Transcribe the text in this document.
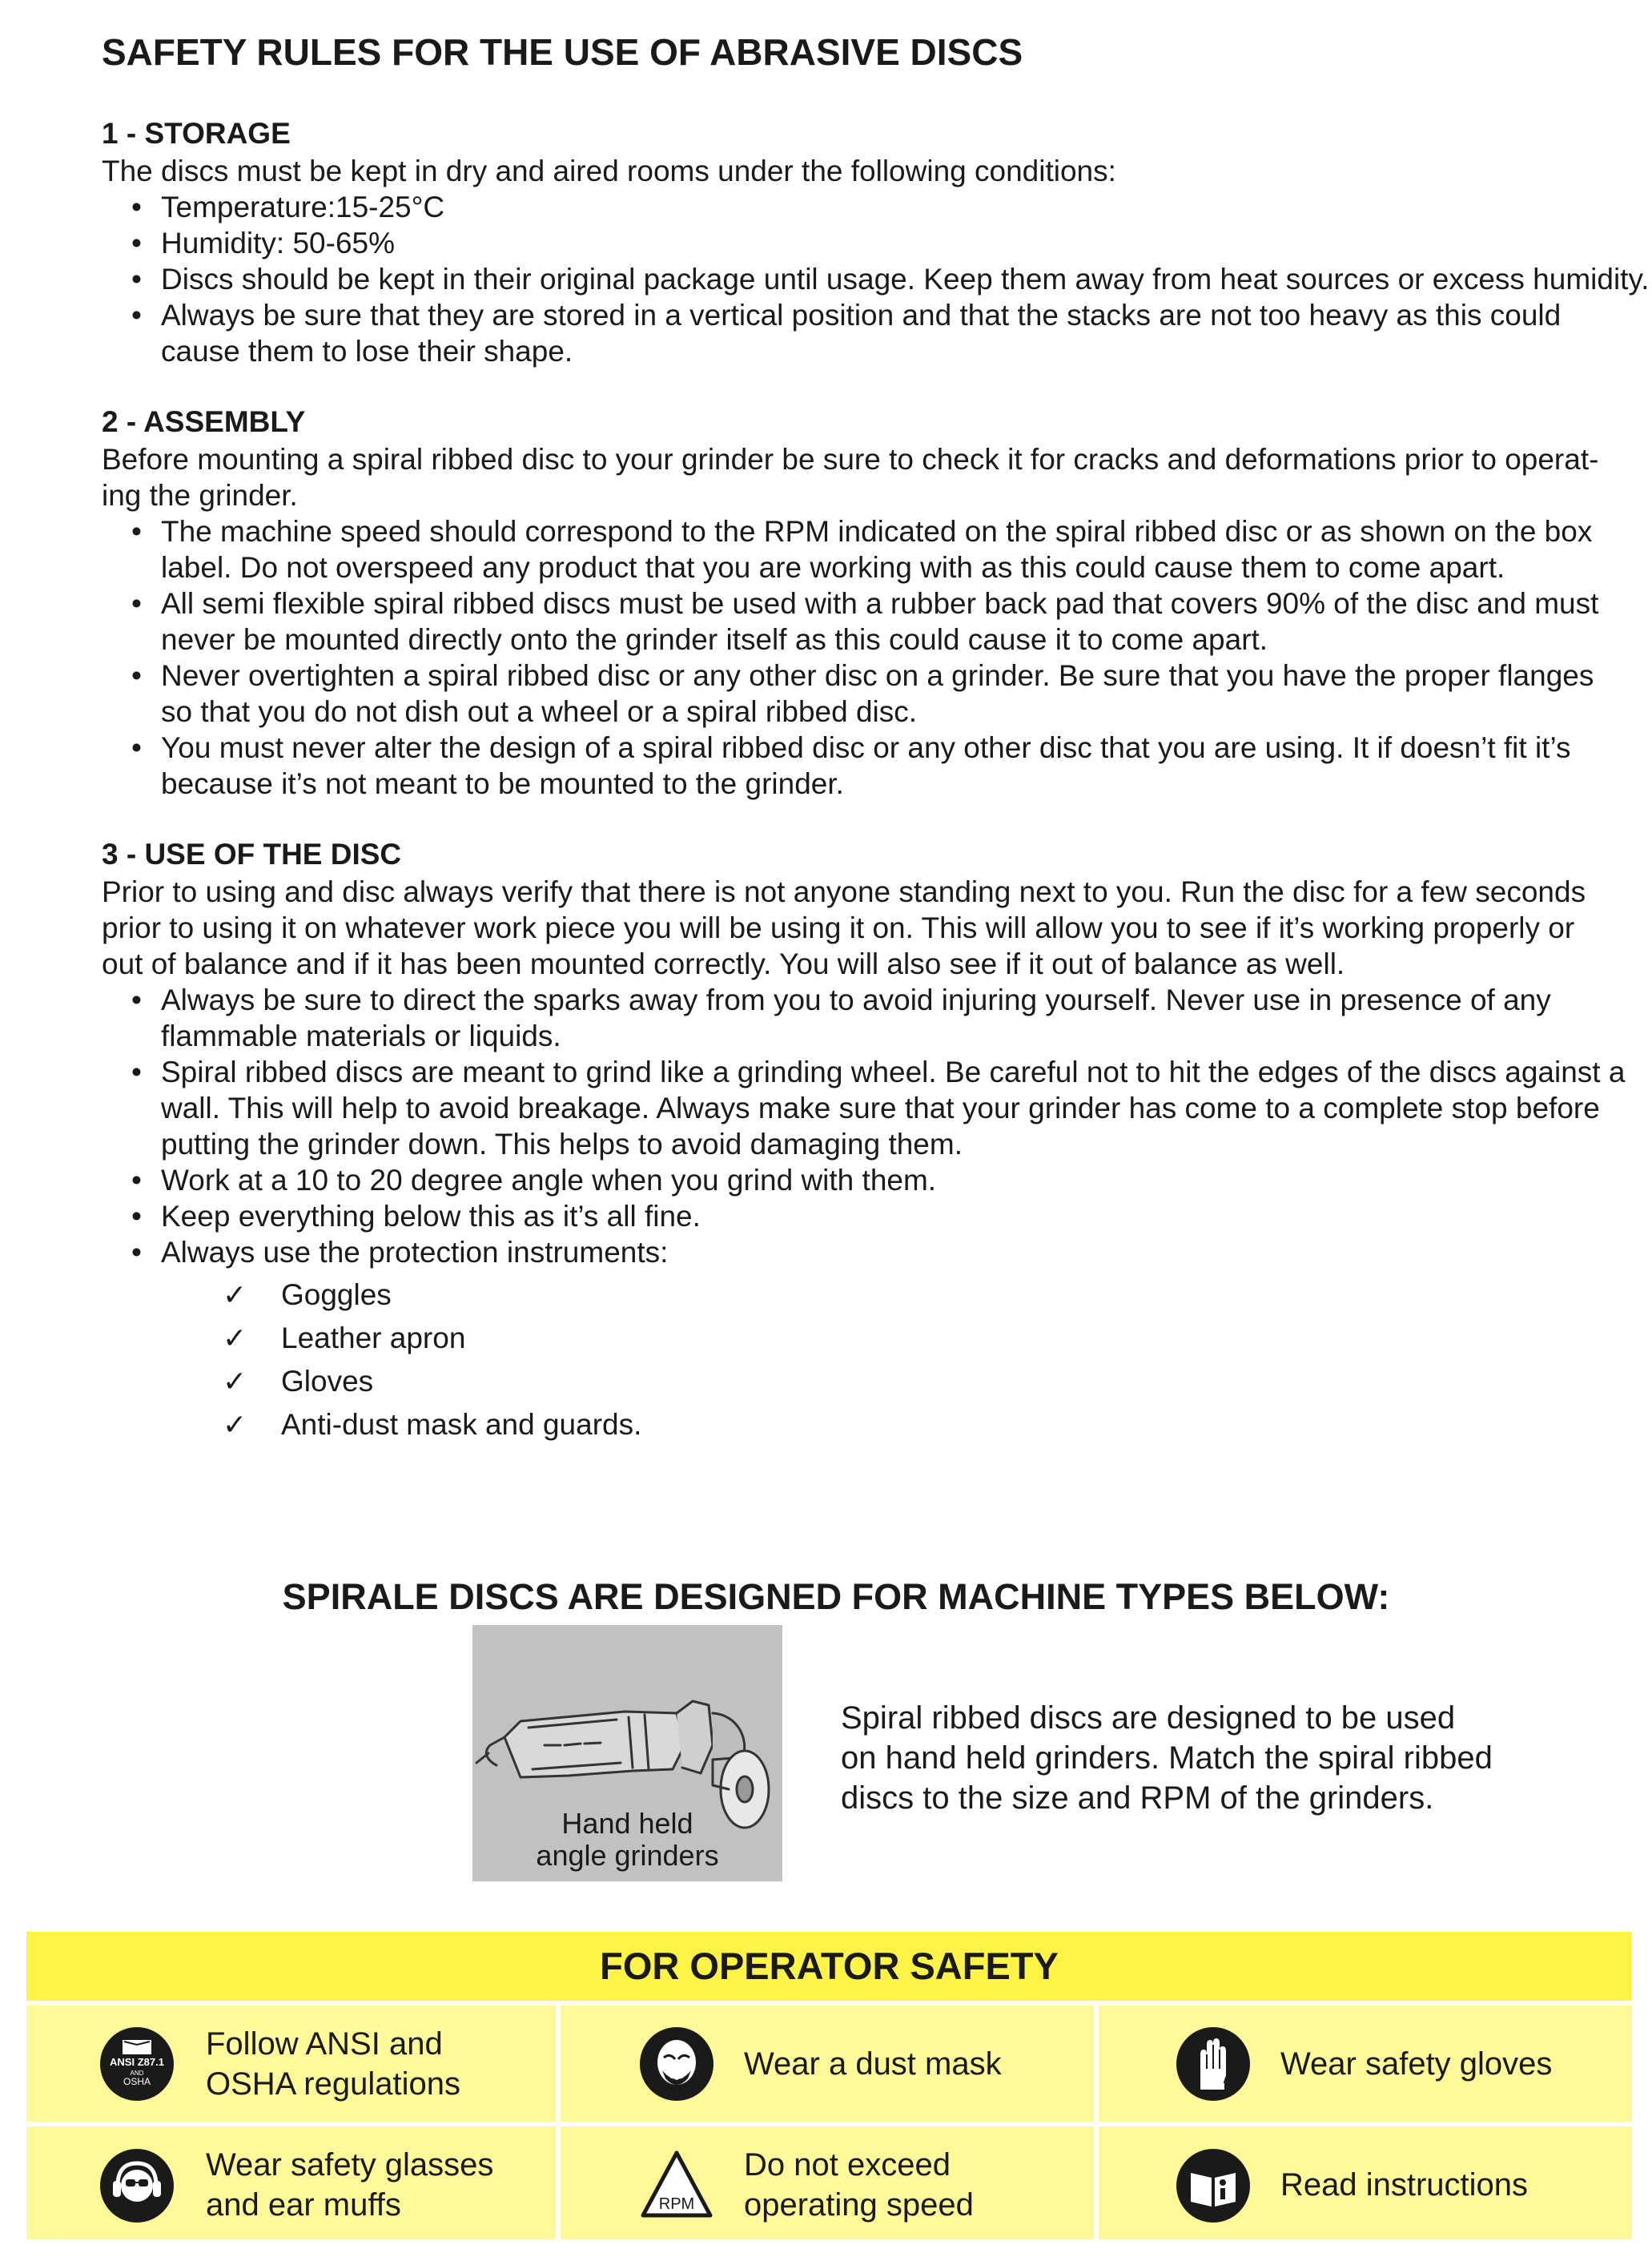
SAFETY RULES FOR THE USE OF ABRASIVE DISCS
1 - STORAGE
The discs must be kept in dry and aired rooms under the following conditions:
• Temperature:15-25°C
• Humidity: 50-65%
• Discs should be kept in their original package until usage. Keep them away from heat sources or excess humidity.
• Always be sure that they are stored in a vertical position and that the stacks are not too heavy as this could cause them to lose their shape.
2 - ASSEMBLY
Before mounting a spiral ribbed disc to your grinder be sure to check it for cracks and deformations prior to operat-ing the grinder.
• The machine speed should correspond to the RPM indicated on the spiral ribbed disc or as shown on the box label. Do not overspeed any product that you are working with as this could cause them to come apart.
• All semi flexible spiral ribbed discs must be used with a rubber back pad that covers 90% of the disc and must never be mounted directly onto the grinder itself as this could cause it to come apart.
• Never overtighten a spiral ribbed disc or any other disc on a grinder. Be sure that you have the proper flanges so that you do not dish out a wheel or a spiral ribbed disc.
• You must never alter the design of a spiral ribbed disc or any other disc that you are using. It if doesn’t fit it’s because it’s not meant to be mounted to the grinder.
3 - USE OF THE DISC
Prior to using and disc always verify that there is not anyone standing next to you. Run the disc for a few seconds prior to using it on whatever work piece you will be using it on. This will allow you to see if it’s working properly or out of balance and if it has been mounted correctly. You will also see if it out of balance as well.
• Always be sure to direct the sparks away from you to avoid injuring yourself. Never use in presence of any flammable materials or liquids.
• Spiral ribbed discs are meant to grind like a grinding wheel. Be careful not to hit the edges of the discs against a wall. This will help to avoid breakage. Always make sure that your grinder has come to a complete stop before putting the grinder down. This helps to avoid damaging them.
• Work at a 10 to 20 degree angle when you grind with them.
• Keep everything below this as it’s all fine.
• Always use the protection instruments:
✓ Goggles
✓ Leather apron
✓ Gloves
✓ Anti-dust mask and guards.
SPIRALE DISCS ARE DESIGNED FOR MACHINE TYPES BELOW:
Hand held
angle grinders
Spiral ribbed discs are designed to be used
on hand held grinders. Match the spiral ribbed
discs to the size and RPM of the grinders.
FOR OPERATOR SAFETY
ANSI Z87.1
AND
OSHA
Follow ANSI and
OSHA regulations
Wear a dust mask	Wear safety gloves
Wear safety glasses
and ear muffs	RPM
Do not exceed
operating speed
Read instructions
